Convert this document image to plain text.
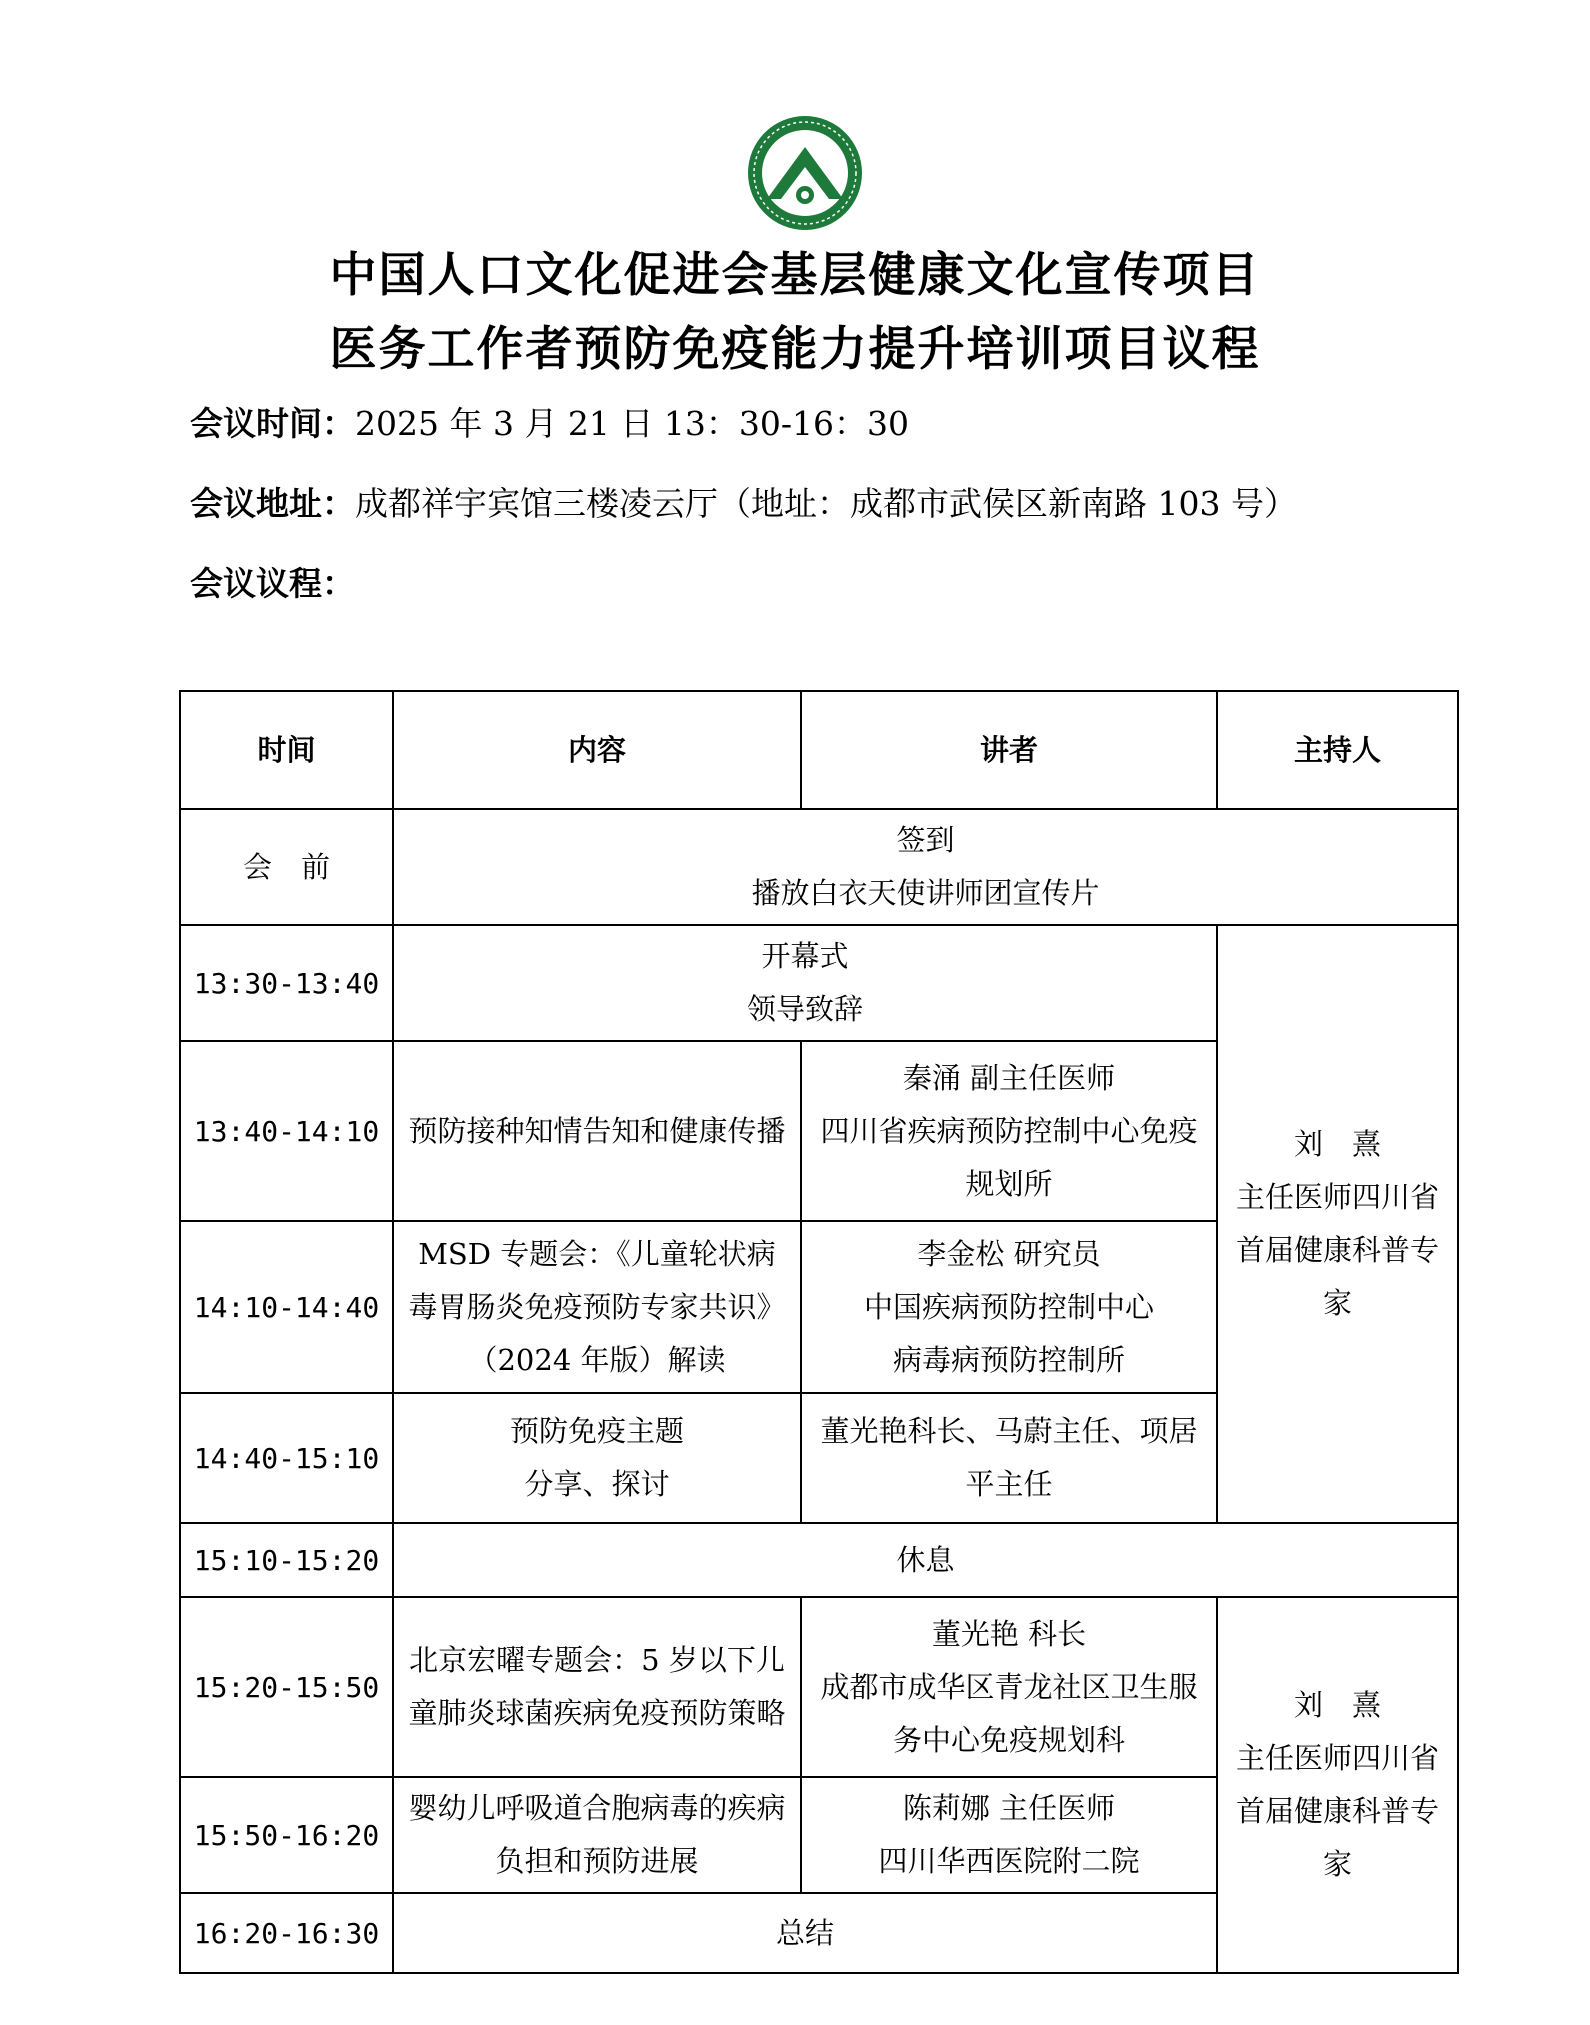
中国人口文化促进会基层健康文化宣传项目
医务工作者预防免疫能力提升培训项目议程
会议时间：2025 年 3 月 21 日 13：30-16：30
会议地址：成都祥宇宾馆三楼凌云厅（地址：成都市武侯区新南路 103 号）
会议议程：
时间	内容	讲者	主持人
会　前	签到
播放白衣天使讲师团宣传片		

13:30-13:40	开幕式
领导致辞		刘　熹
主任医师四川省首届健康科普专家

13:40-14:10	预防接种知情告知和健康传播	秦涌 副主任医师
四川省疾病预防控制中心免疫规划所	

14:10-14:40	MSD 专题会：《儿童轮状病毒胃肠炎免疫预防专家共识》（2024 年版）解读	李金松 研究员
中国疾病预防控制中心
病毒病预防控制所	

14:40-15:10	预防免疫主题
分享、探讨	董光艳科长、马蔚主任、项居平主任	
15:10-15:20	休息		
15:20-15:50	北京宏曜专题会：5 岁以下儿童肺炎球菌疾病免疫预防策略	董光艳 科长
成都市成华区青龙社区卫生服务中心免疫规划科	刘　熹
主任医师四川省首届健康科普专家

15:50-16:20	婴幼儿呼吸道合胞病毒的疾病负担和预防进展	陈莉娜 主任医师
四川华西医院附二院	

16:20-16:30	总结		
